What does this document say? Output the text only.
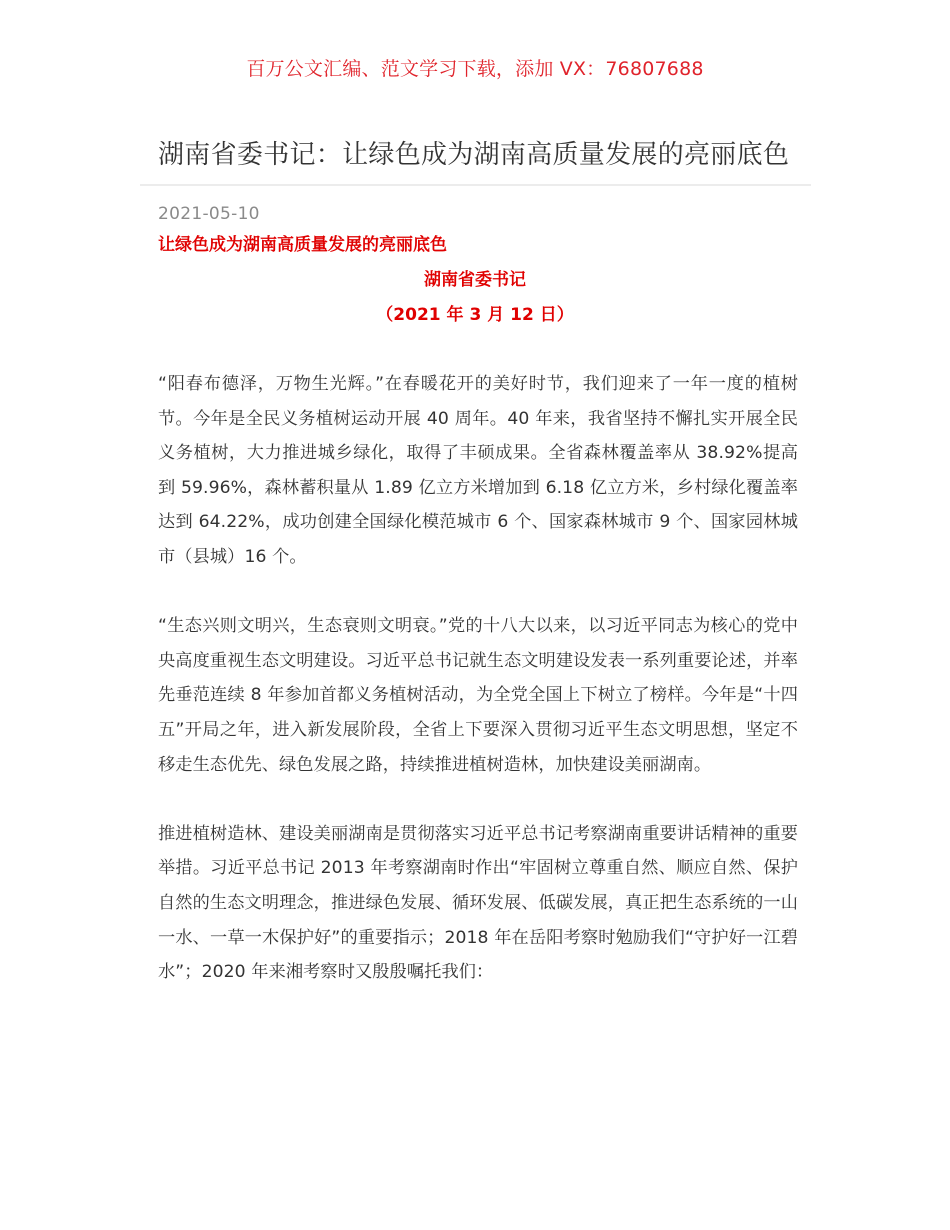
百万公文汇编、范文学习下载，添加 VX：76807688
湖南省委书记：让绿色成为湖南高质量发展的亮丽底色
2021-05-10
让绿色成为湖南高质量发展的亮丽底色
湖南省委书记
（2021 年 3 月 12 日）

“阳春布德泽，万物生光辉。”在春暖花开的美好时节，我们迎来了一年一度的植树节。今年是全民义务植树运动开展 40 周年。40 年来，我省坚持不懈扎实开展全民义务植树，大力推进城乡绿化，取得了丰硕成果。全省森林覆盖率从 38.92%提高到 59.96%，森林蓄积量从 1.89 亿立方米增加到 6.18 亿立方米，乡村绿化覆盖率达到 64.22%，成功创建全国绿化模范城市 6 个、国家森林城市 9 个、国家园林城市（县城）16 个。

“生态兴则文明兴，生态衰则文明衰。”党的十八大以来，以习近平同志为核心的党中央高度重视生态文明建设。习近平总书记就生态文明建设发表一系列重要论述，并率先垂范连续 8 年参加首都义务植树活动，为全党全国上下树立了榜样。今年是“十四五”开局之年，进入新发展阶段，全省上下要深入贯彻习近平生态文明思想，坚定不移走生态优先、绿色发展之路，持续推进植树造林，加快建设美丽湖南。

推进植树造林、建设美丽湖南是贯彻落实习近平总书记考察湖南重要讲话精神的重要举措。习近平总书记 2013 年考察湖南时作出“牢固树立尊重自然、顺应自然、保护自然的生态文明理念，推进绿色发展、循环发展、低碳发展，真正把生态系统的一山一水、一草一木保护好”的重要指示；2018 年在岳阳考察时勉励我们“守护好一江碧水”；2020 年来湘考察时又殷殷嘱托我们：
